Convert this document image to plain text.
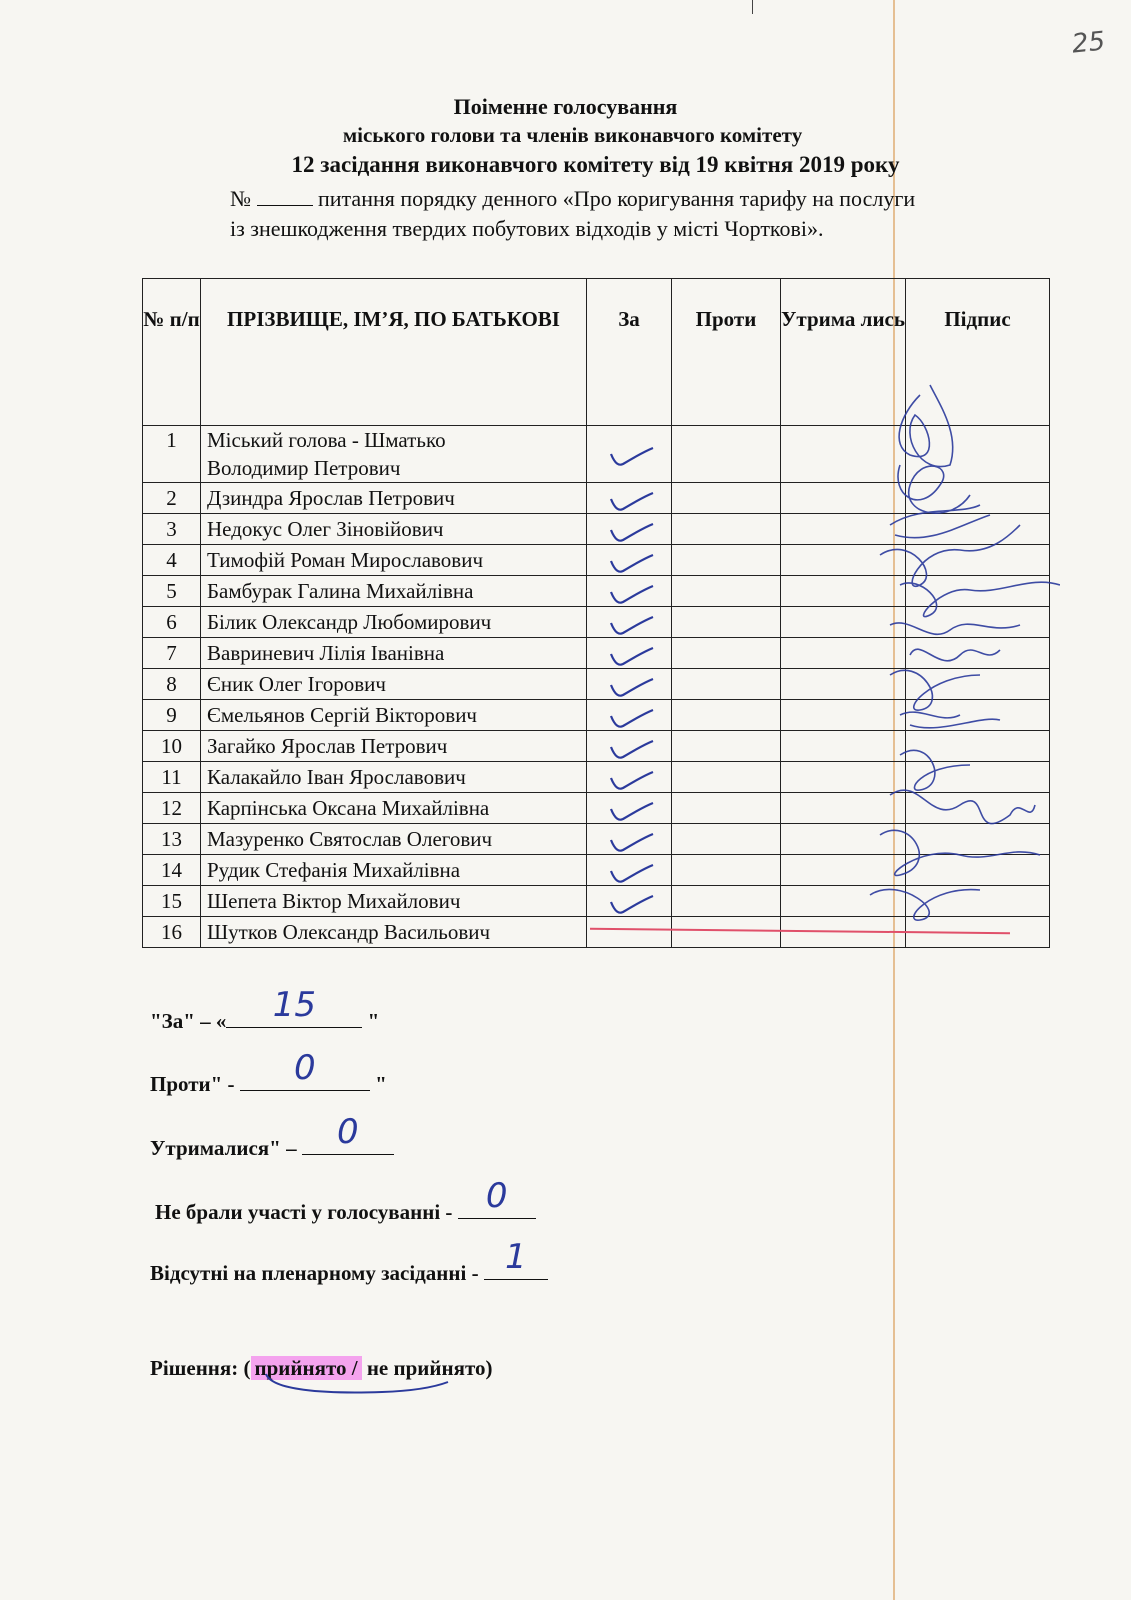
25
Поіменне голосування
міського голови та членів виконавчого комітету
12 засідання виконавчого комітету від 19 квітня 2019 року
№	питання порядку денного «Про коригування тарифу на послуги
із знешкодження твердих побутових відходів у місті Чорткові».
№ п/п	ПРІЗВИЩЕ, ІМ’Я, ПО БАТЬКОВІ	За	Проти	Утрима лись	Підпис
1	Міський голова - Шматько
Володимир Петрович	

2	Дзиндра Ярослав Петрович	

3	Недокус Олег Зіновійович	

4	Тимофій Роман Мирославович	

5	Бамбурак Галина Михайлівна	

6	Білик Олександр Любомирович	

7	Вавриневич Лілія Іванівна	

8	Єник Олег Ігорович	

9	Ємельянов Сергій Вікторович	

10	Загайко Ярослав Петрович	

11	Калакайло Іван Ярославович	

12	Карпінська Оксана Михайлівна	

13	Мазуренко Святослав Олегович	

14	Рудик Стефанія Михайлівна	

15	Шепета Віктор Михайлович	

16	Шутков Олександр Васильович				
"За" – «	15	"
Проти" -	0	"
Утрималися" –	0
Не брали участі у голосуванні - 0
Відсутні на пленарному засіданні - 1
Рішення: ( прийнято / не прийнято)
